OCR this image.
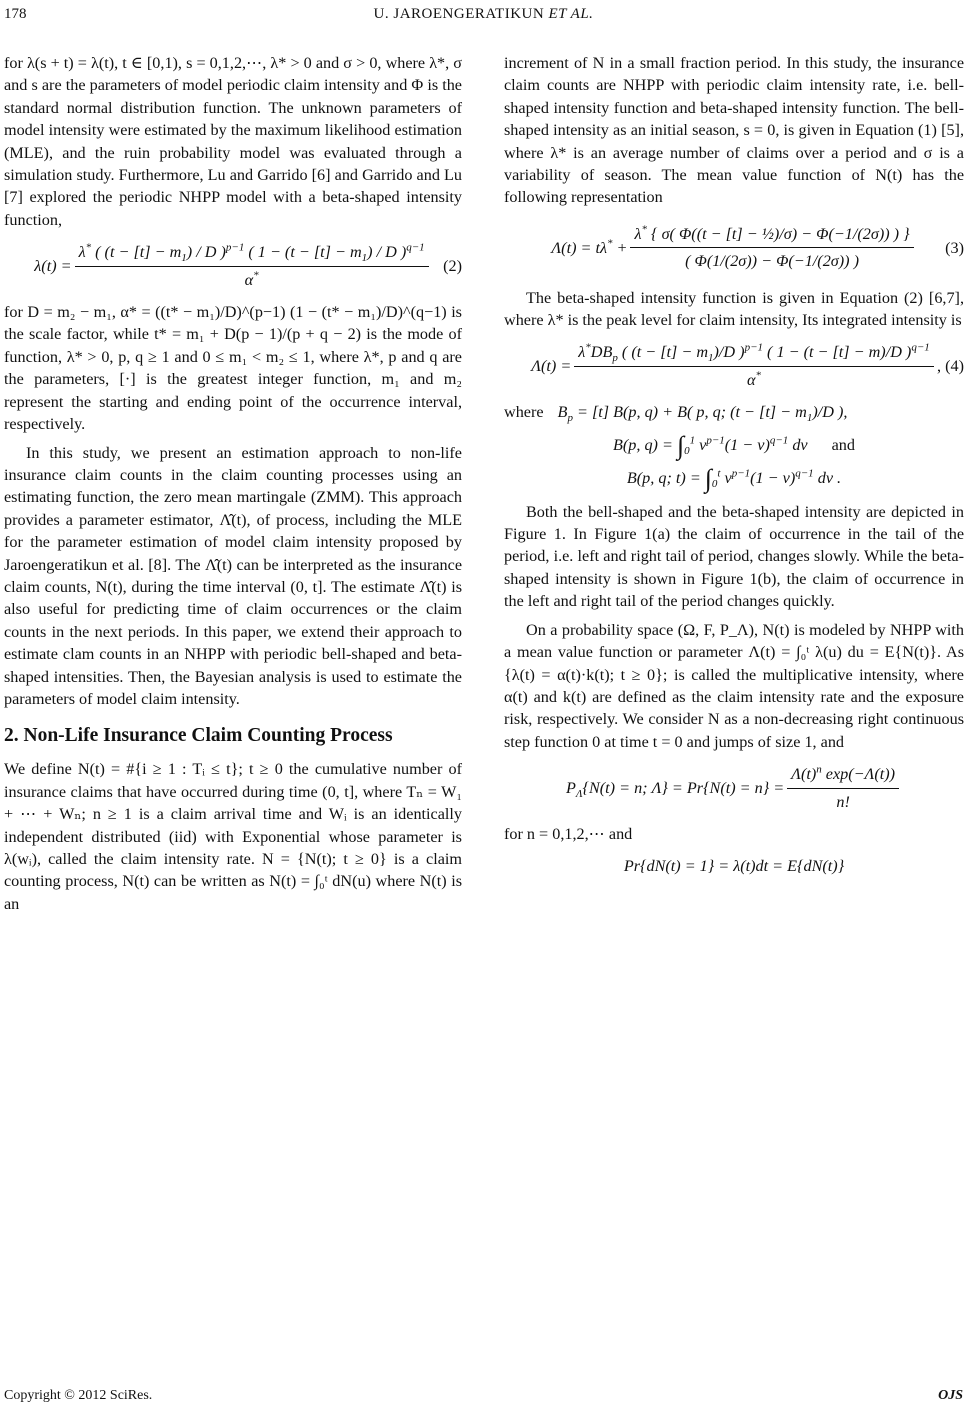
178	U. JAROENGERATIKUN ET AL.

for λ(s + t) = λ(t), t ∈ [0,1), s = 0,1,2,⋯, λ* > 0 and σ > 0, where λ*, σ and s are the parameters of model periodic claim intensity and Φ is the standard normal distribution function. The unknown parameters of model intensity were estimated by the maximum likelihood estimation (MLE), and the ruin probability model was evaluated through a simulation study. Furthermore, Lu and Garrido [6] and Garrido and Lu [7] explored the periodic NHPP model with a beta-shaped intensity function,

$\lambda(t) = \frac{\lambda^* ( (t - [t] - m_1) / D )^{p-1} ( 1 - (t - [t] - m_1) / D )^{q-1}}{\alpha^*} (2)$

for D = m₂ − m₁, α* = ((t* − m₁)/D)^(p−1) (1 − (t* − m₁)/D)^(q−1) is the scale factor, while t* = m₁ + D(p − 1)/(p + q − 2) is the mode of function, λ* > 0, p, q ≥ 1 and 0 ≤ m₁ < m₂ ≤ 1, where λ*, p and q are the parameters, [·] is the greatest integer function, m₁ and m₂ represent the starting and ending point of the occurrence interval, respectively.

In this study, we present an estimation approach to non-life insurance claim counts in the claim counting processes using an estimating function, the zero mean martingale (ZMM). This approach provides a parameter estimator, Λ̂(t), of process, including the MLE for the parameter estimation of model claim intensity proposed by Jaroengeratikun et al. [8]. The Λ̂(t) can be interpreted as the insurance claim counts, N(t), during the time interval (0, t]. The estimate Λ̂(t) is also useful for predicting time of claim occurrences or the claim counts in the next periods. In this paper, we extend their approach to estimate clam counts in an NHPP with periodic bell-shaped and beta-shaped intensities. Then, the Bayesian analysis is used to estimate the parameters of model claim intensity.

2. Non-Life Insurance Claim Counting Process

We define N(t) = #{i ≥ 1 : Tᵢ ≤ t}; t ≥ 0 the cumulative number of insurance claims that have occurred during time (0, t], where Tₙ = W₁ + ⋯ + Wₙ; n ≥ 1 is a claim arrival time and Wᵢ is an identically independent distributed (iid) with Exponential whose parameter is λ(wᵢ), called the claim intensity rate. N = {N(t); t ≥ 0} is a claim counting process, N(t) can be written as N(t) = ∫₀ᵗ dN(u) where N(t) is an

increment of N in a small fraction period. In this study, the insurance claim counts are NHPP with periodic claim intensity rate, i.e. bell-shaped intensity function and beta-shaped intensity function. The bell-shaped intensity as an initial season, s = 0, is given in Equation (1) [5], where λ* is an average number of claims over a period and σ is a variability of season. The mean value function of N(t) has the following representation

$\Lambda(t) = t\lambda^* + \frac{\lambda^* \{ \sigma( \Phi((t - [t] - \frac{1}{2})/\sigma) - \Phi(-1/(2\sigma)) ) \}}{( \Phi(1/(2\sigma)) - \Phi(-1/(2\sigma)) )} (3)$

The beta-shaped intensity function is given in Equation (2) [6,7], where λ* is the peak level for claim intensity, Its integrated intensity is

$\Lambda(t) = \frac{\lambda^*DB_p ( (t - [t] - m_1)/D )^{p-1} ( 1 - (t - [t] - m)/D )^{q-1}}{\alpha^*}$ , (4)
where $B_p = [t]$ B(p, q) + B( p, q; $(t - [t] - m_1)/D$ ),
B(p, $q) = \int_0^1$ $v^{p-1}(1 - v)^{q-1}$ dv and
B(p, q; $t) = \int_0^t$ $v^{p-1}(1 - v)^{q-1}$ dv .

Both the bell-shaped and the beta-shaped intensity are depicted in Figure 1. In Figure 1(a) the claim of occurrence in the tail of the period, i.e. left and right tail of period, changes slowly. While the beta-shaped intensity is shown in Figure 1(b), the claim of occurrence in the left and right tail of the period changes quickly.

On a probability space (Ω, F, P_Λ), N(t) is modeled by NHPP with a mean value function or parameter Λ(t) = ∫₀ᵗ λ(u) du = E{N(t)}. As {λ(t) = α(t)·k(t); t ≥ 0}; is called the multiplicative intensity, where α(t) and k(t) are defined as the claim intensity rate and the exposure risk, respectively. We consider N as a non-decreasing right continuous step function 0 at time t = 0 and jumps of size 1, and

$P_\Lambda\{N(t) = n$; $\Lambda\} = Pr\{N(t) = n\} = \frac{\Lambda(t)^n \exp(-\Lambda(t))}{n!}$

for n = 0,1,2,⋯ and

Pr{dN(t) = 1} = λ(t)dt = E{dN(t)}
Copyright © 2012 SciRes.	OJS
